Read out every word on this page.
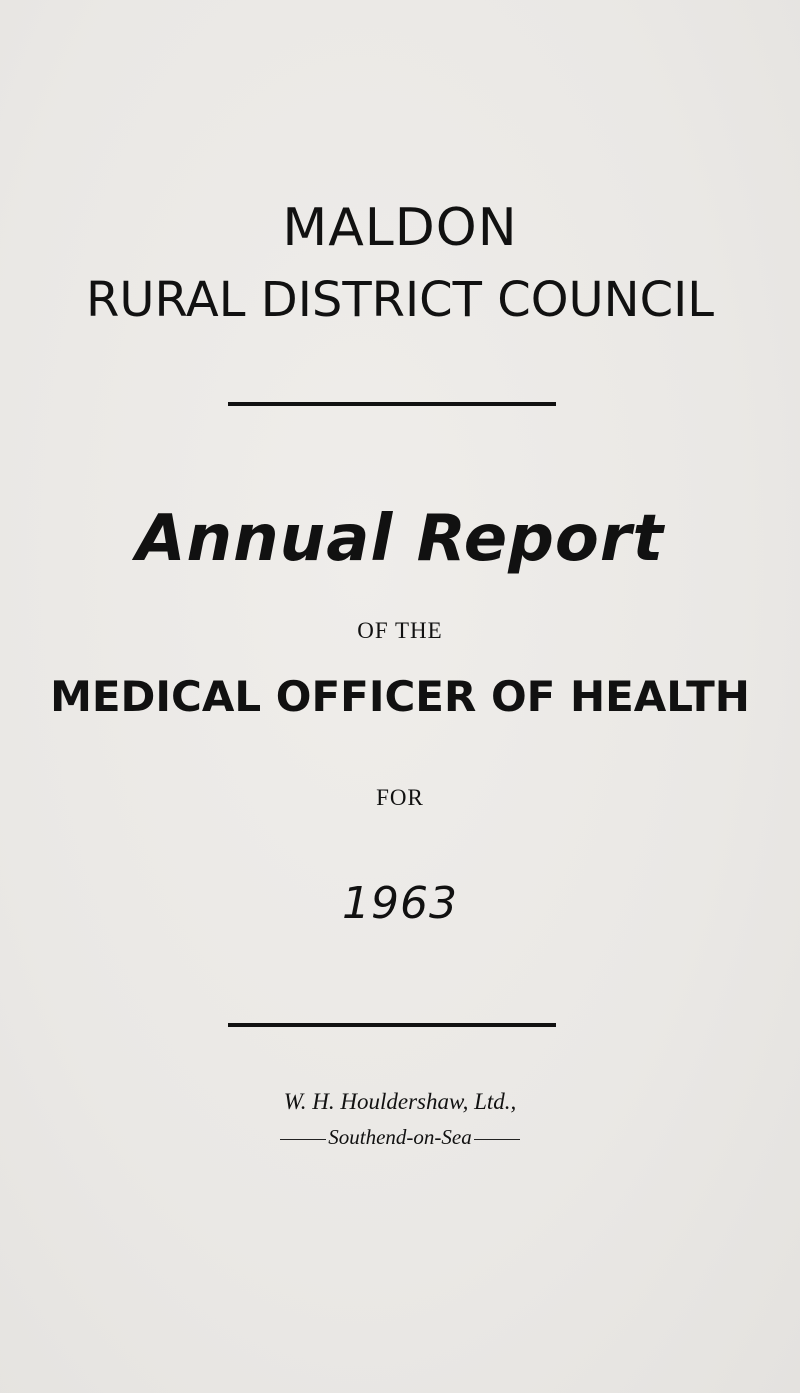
MALDON
RURAL DISTRICT COUNCIL
Annual Report
OF THE
MEDICAL OFFICER OF HEALTH
FOR
1963
W. H. Houldershaw, Ltd.,
Southend-on-Sea
